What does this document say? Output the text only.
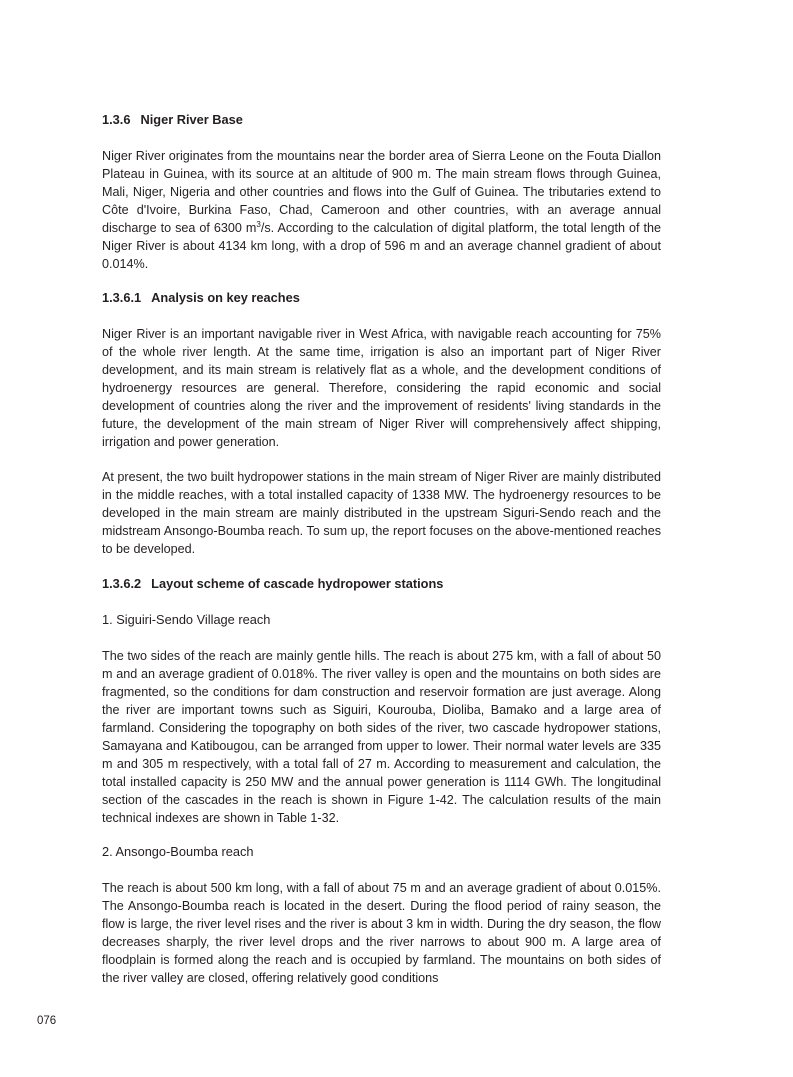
1.3.6 Niger River Base

Niger River originates from the mountains near the border area of Sierra Leone on the Fouta Diallon Plateau in Guinea, with its source at an altitude of 900 m. The main stream flows through Guinea, Mali, Niger, Nigeria and other countries and flows into the Gulf of Guinea. The tributaries extend to Côte d'Ivoire, Burkina Faso, Chad, Cameroon and other countries, with an average annual discharge to sea of 6300 $m^3/s$. According to the calculation of digital platform, the total length of the Niger River is about 4134 km long, with a drop of 596 m and an average channel gradient of about 0.014%.

1.3.6.1 Analysis on key reaches

Niger River is an important navigable river in West Africa, with navigable reach accounting for 75% of the whole river length. At the same time, irrigation is also an important part of Niger River development, and its main stream is relatively flat as a whole, and the development conditions of hydroenergy resources are general. Therefore, considering the rapid economic and social development of countries along the river and the improvement of residents' living standards in the future, the development of the main stream of Niger River will comprehensively affect shipping, irrigation and power generation.

At present, the two built hydropower stations in the main stream of Niger River are mainly distributed in the middle reaches, with a total installed capacity of 1338 MW. The hydroenergy resources to be developed in the main stream are mainly distributed in the upstream Siguri-Sendo reach and the midstream Ansongo-Boumba reach. To sum up, the report focuses on the above-mentioned reaches to be developed.

1.3.6.2 Layout scheme of cascade hydropower stations
1. Siguiri-Sendo Village reach

The two sides of the reach are mainly gentle hills. The reach is about 275 km, with a fall of about 50 m and an average gradient of 0.018%. The river valley is open and the mountains on both sides are fragmented, so the conditions for dam construction and reservoir formation are just average. Along the river are important towns such as Siguiri, Kourouba, Dioliba, Bamako and a large area of farmland. Considering the topography on both sides of the river, two cascade hydropower stations, Samayana and Katibougou, can be arranged from upper to lower. Their normal water levels are 335 m and 305 m respectively, with a total fall of 27 m. According to measurement and calculation, the total installed capacity is 250 MW and the annual power generation is 1114 GWh. The longitudinal section of the cascades in the reach is shown in Figure 1-42. The calculation results of the main technical indexes are shown in Table 1-32.

2. Ansongo-Boumba reach

The reach is about 500 km long, with a fall of about 75 m and an average gradient of about 0.015%. The Ansongo-Boumba reach is located in the desert. During the flood period of rainy season, the flow is large, the river level rises and the river is about 3 km in width. During the dry season, the flow decreases sharply, the river level drops and the river narrows to about 900 m. A large area of floodplain is formed along the reach and is occupied by farmland. The mountains on both sides of the river valley are closed, offering relatively good conditions

076
